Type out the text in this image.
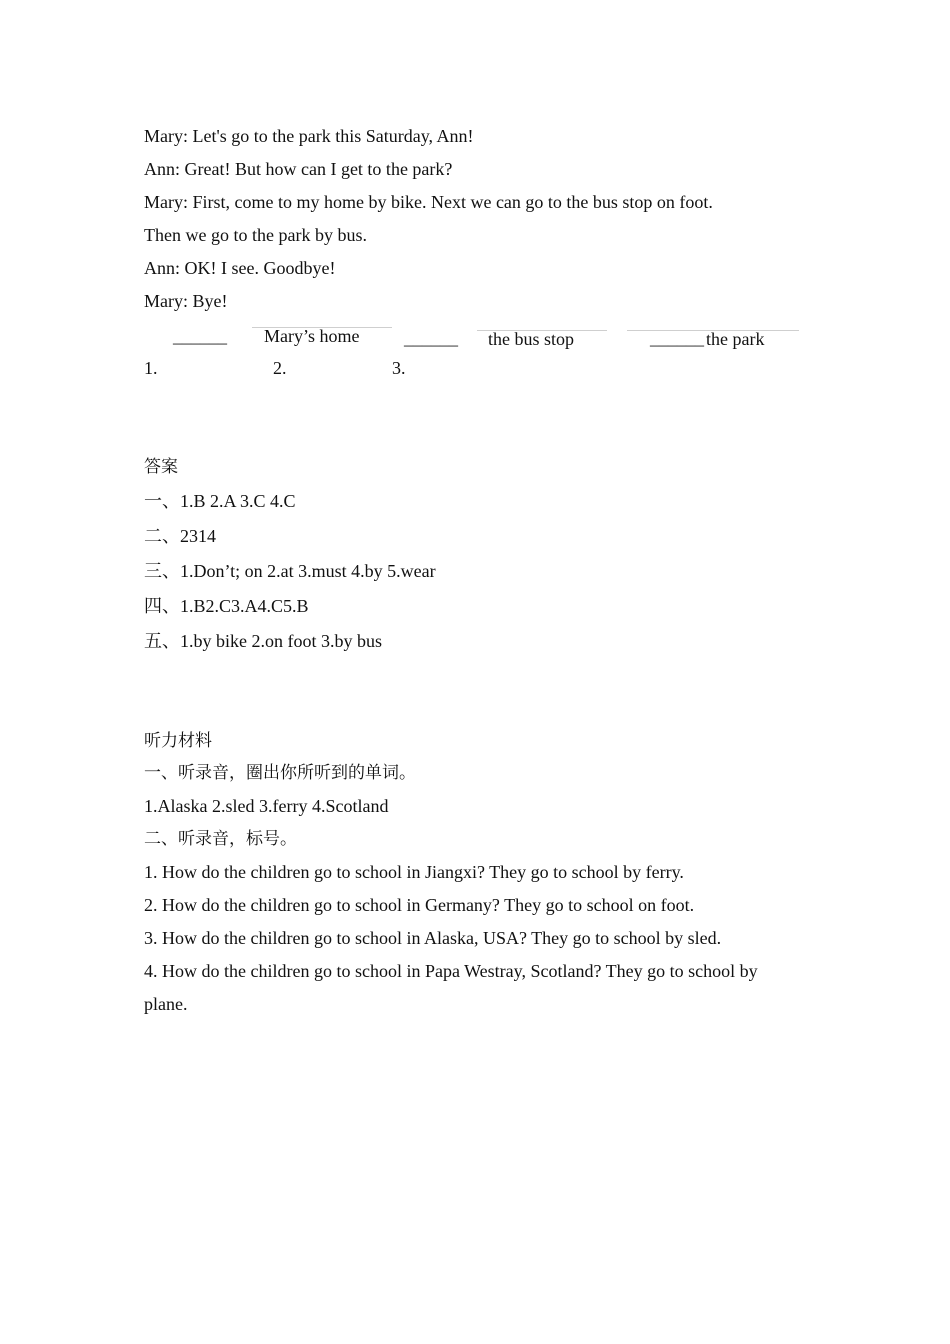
Mary: Let's go to the park this Saturday, Ann!
Ann: Great! But how can I get to the park?
Mary: First, come to my home by bike. Next we can go to the bus stop on foot.
Then we go to the park by bus.
Ann: OK! I see. Goodbye!
Mary: Bye!
______ Mary’s home ______ the bus stop	______ the park
1.	2.	3.
答案
一、1.B 2.A 3.C 4.C
二、2314
三、1.Don’t; on 2.at 3.must 4.by 5.wear
四、1.B2.C3.A4.C5.B
五、1.by bike 2.on foot 3.by bus
听力材料
一、听录音，圈出你所听到的单词。
1.Alaska 2.sled 3.ferry 4.Scotland
二、听录音，标号。
1. How do the children go to school in Jiangxi? They go to school by ferry.
2. How do the children go to school in Germany? They go to school on foot.
3. How do the children go to school in Alaska, USA? They go to school by sled.
4. How do the children go to school in Papa Westray, Scotland? They go to school by
plane.
